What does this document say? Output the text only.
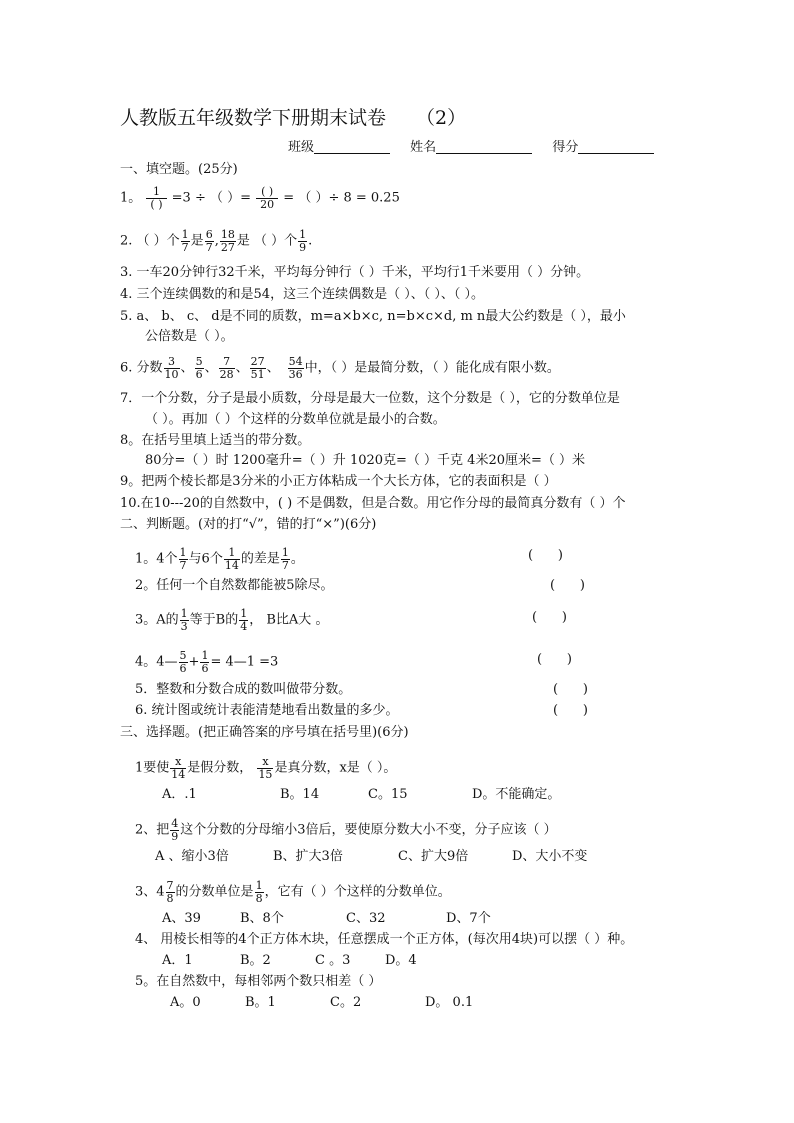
人教版五年级数学下册期末试卷 （2）
班级	姓名	得分
一、填空题。(25分)
1。	1
( ) =3 ÷ （ ）= ( )
20 = （ ）÷ 8 = 0.25
2. （ ）个 $\frac{1}{7}$ 是 $\frac{6}{7}$ , $\frac{18}{27}$ 是 （ ）个 $\frac{1}{9}$ .
3. 一车20分钟行32千米，平均每分钟行（ ）千米，平均行1千米要用（ ）分钟。
4. 三个连续偶数的和是54，这三个连续偶数是（ ）、（ ）、（ ）。
5. a、 b、 c、 d是不同的质数，m=a×b×c, n=b×c×d, m n最大公约数是（ ），最小
公倍数是（ ）。
6. 分数 $\frac{3}{10}$ 、 $\frac{5}{6}$ 、 $\frac{7}{28}$ 、 $\frac{27}{51}$ 、 $\frac{54}{36}$ 中，（ ）是最简分数，（ ）能化成有限小数。
7．一个分数，分子是最小质数，分母是最大一位数，这个分数是（ ），它的分数单位是
（ ）。再加（ ）个这样的分数单位就是最小的合数。
8。在括号里填上适当的带分数。
80分=（ ）时 1200毫升=（ ）升 1020克=（ ）千克 4米20厘米=（ ）米
9。把两个棱长都是3分米的小正方体粘成一个大长方体，它的表面积是（ ）
10.在10---20的自然数中，( ) 不是偶数，但是合数。用它作分母的最简真分数有（ ）个
二、判断题。(对的打“√”，错的打“×”)(6分)
1。4个 $\frac{1}{7}$ 与6个 $\frac{1}{14}$ 的差是 $\frac{1}{7}$ 。	(      )
2。任何一个自然数都能被5除尽。	(      )
3。A的 $\frac{1}{3}$ 等于B的 $\frac{1}{4}$ ， B比A大 。	(      )
4。4— $\frac{5}{6} + \frac{1}{6}$ = 4—1 =3	(      )
5．整数和分数合成的数叫做带分数。	(      )
6. 统计图或统计表能清楚地看出数量的多少。	(      )
三、选择题。(把正确答案的序号填在括号里)(6分)
1要使 $\frac{x}{14}$ 是假分数， $\frac{x}{15}$ 是真分数，x是（ ）。
A．.1	B。14	C。15	D。不能确定。
2、把 $\frac{4}{9}$ 这个分数的分母缩小3倍后，要使原分数大小不变，分子应该（ ）
A 、缩小3倍	B、扩大3倍	C、扩大9倍	D、大小不变
3、$4 \frac{7}{8}$ 的分数单位是 $\frac{1}{8}$ ，它有（ ）个这样的分数单位。
A、39	B、8个	C、32	D、7个
4、 用棱长相等的4个正方体木块，任意摆成一个正方体，(每次用4块)可以摆（ ）种。
A．1	B。2	C 。3	D。4
5。在自然数中，每相邻两个数只相差（ ）
A。0	B。1	C。2	D。 0.1
